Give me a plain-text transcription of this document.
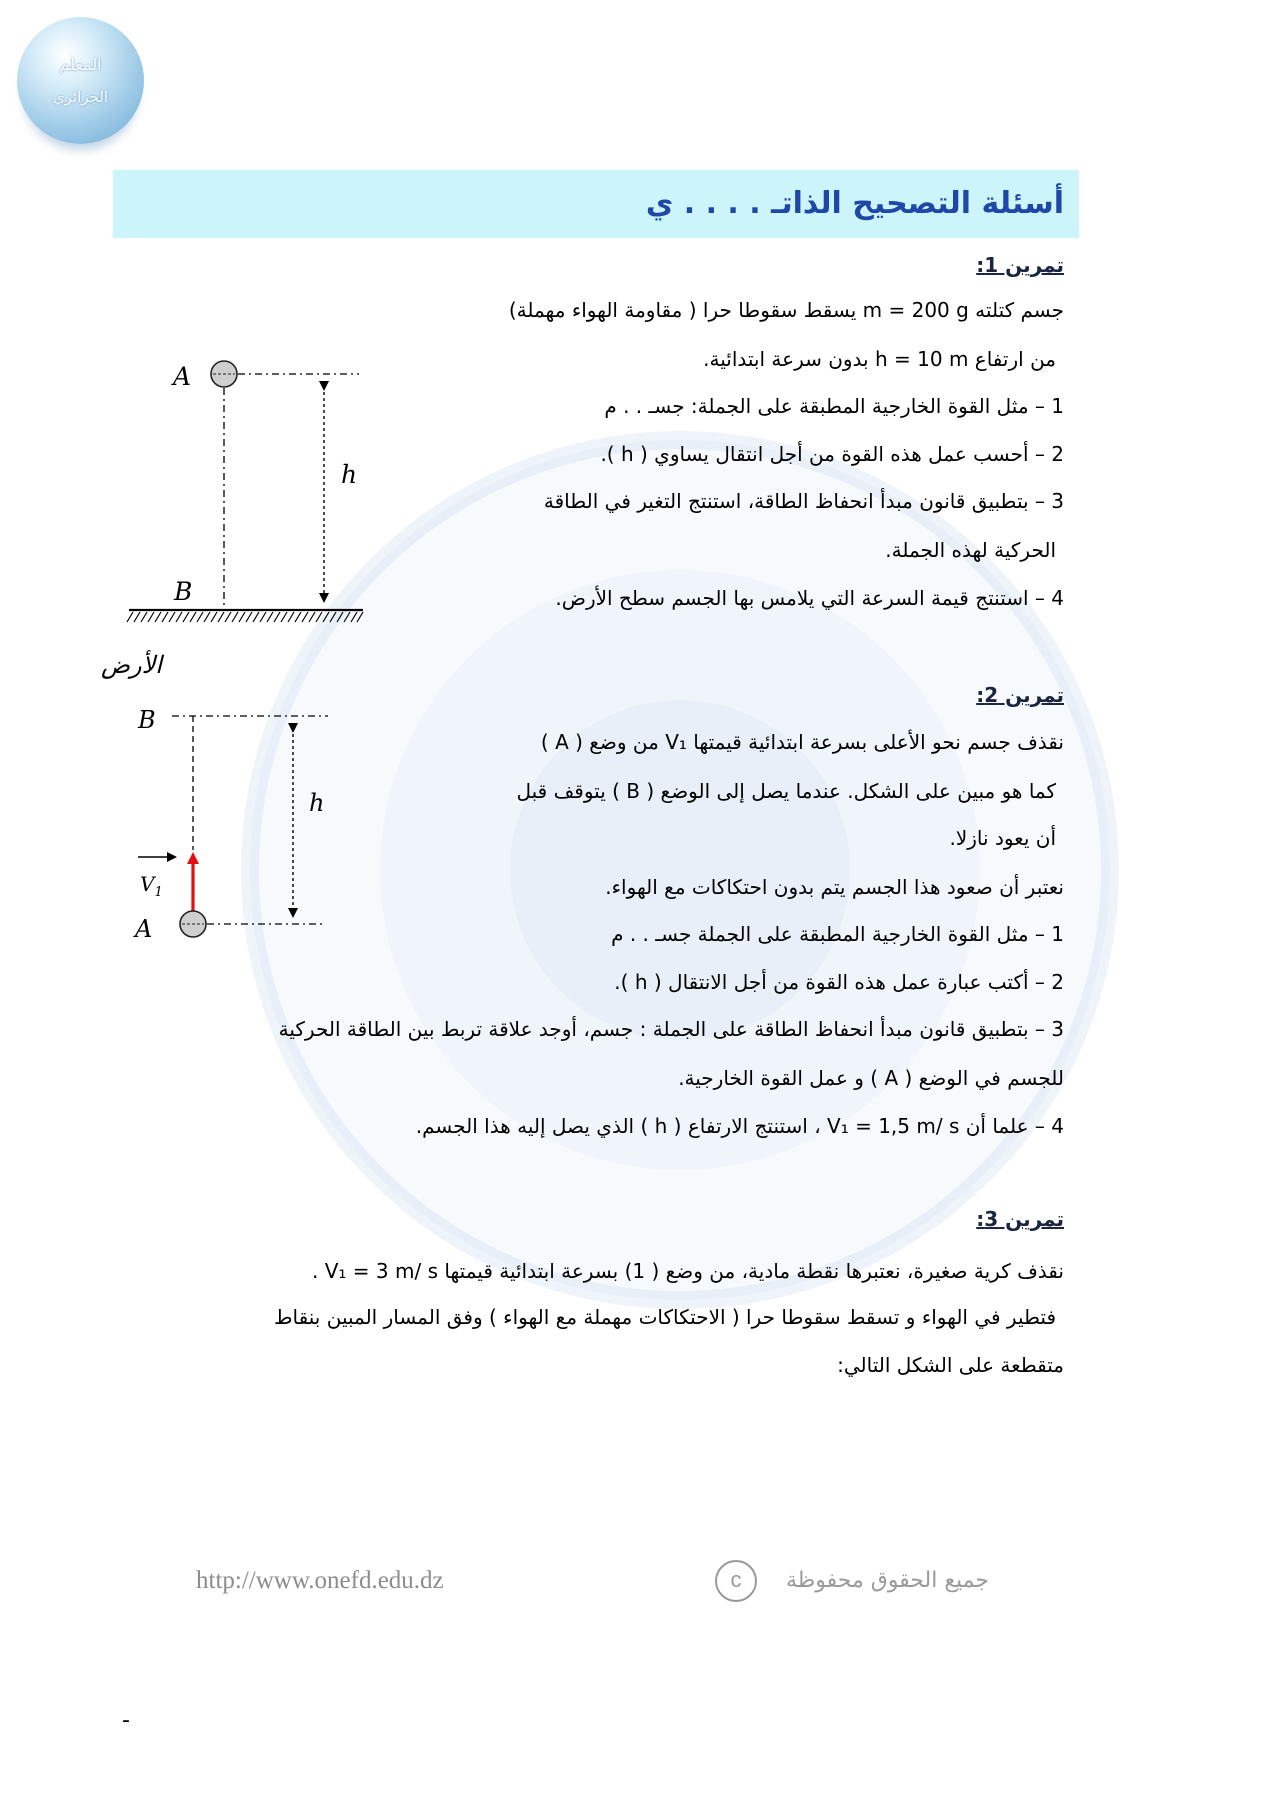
المعلم
الجزائري
أسئلة التصحيح الذاتـ . . . . ي
تمرين 1:
جسم كتلته m = 200 g يسقط سقوطا حرا ( مقاومة الهواء مهملة)
من ارتفاع h = 10 m بدون سرعة ابتدائية.
1 – مثل القوة الخارجية المطبقة على الجملة: جسـ . . م
2 – أحسب عمل هذه القوة من أجل انتقال يساوي ( h ).
3 – بتطبيق قانون مبدأ انحفاظ الطاقة، استنتج التغير في الطاقة
الحركية لهذه الجملة.
4 – استنتج قيمة السرعة التي يلامس بها الجسم سطح الأرض.
تمرين 2:
نقذف جسم نحو الأعلى بسرعة ابتدائية قيمتها V₁ من وضع ( A )
كما هو مبين على الشكل. عندما يصل إلى الوضع ( B ) يتوقف قبل
أن يعود نازلا.
نعتبر أن صعود هذا الجسم يتم بدون احتكاكات مع الهواء.
1 – مثل القوة الخارجية المطبقة على الجملة جسـ . . م
2 – أكتب عبارة عمل هذه القوة من أجل الانتقال ( h ).
3 – بتطبيق قانون مبدأ انحفاظ الطاقة على الجملة : جسم، أوجد علاقة تربط بين الطاقة الحركية
للجسم في الوضع ( A ) و عمل القوة الخارجية.
4 – علما أن V₁ = 1,5 m/ s ، استنتج الارتفاع ( h ) الذي يصل إليه هذا الجسم.
تمرين 3:
نقذف كرية صغيرة، نعتبرها نقطة مادية، من وضع ( 1) بسرعة ابتدائية قيمتها V₁ = 3 m/ s .
فتطير في الهواء و تسقط سقوطا حرا ( الاحتكاكات مهملة مع الهواء ) وفق المسار المبين بنقاط
متقطعة على الشكل التالي:
A
h
B
الأرض
B
h
$V_1$
A
http://www.onefd.edu.dz	c	جميع الحقوق محفوظة
-
